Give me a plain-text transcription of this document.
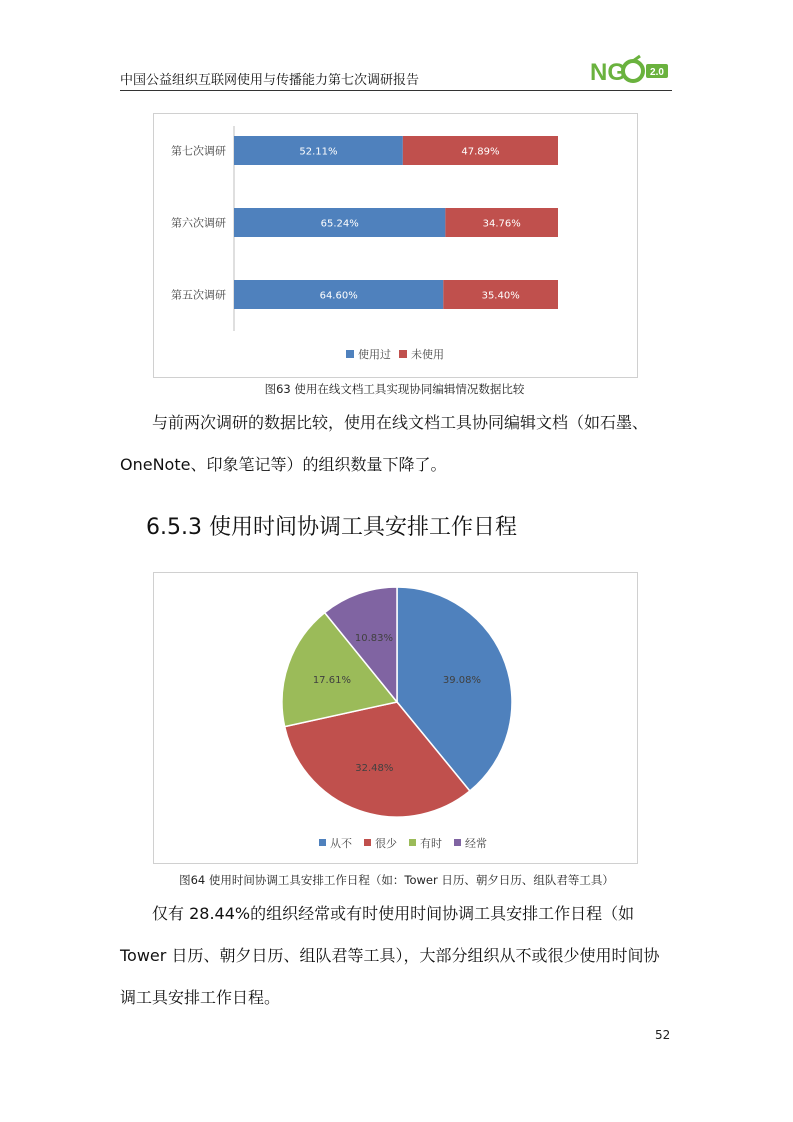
中国公益组织互联网使用与传播能力第七次调研报告	NG 2.0
第七次调研	52.11%	47.89%
第六次调研	65.24%	34.76%
第五次调研	64.60%	35.40%
使用过 未使用
图63 使用在线文档工具实现协同编辑情况数据比较
与前两次调研的数据比较，使用在线文档工具协同编辑文档（如石墨、OneNote、印象笔记等）的组织数量下降了。
6.5.3 使用时间协调工具安排工作日程
39.08%
32.48%
17.61%
10.83%
从不 很少 有时 经常
图64 使用时间协调工具安排工作日程（如：Tower 日历、朝夕日历、组队君等工具）
仅有 28.44%的组织经常或有时使用时间协调工具安排工作日程（如 Tower 日历、朝夕日历、组队君等工具），大部分组织从不或很少使用时间协调工具安排工作日程。
52
